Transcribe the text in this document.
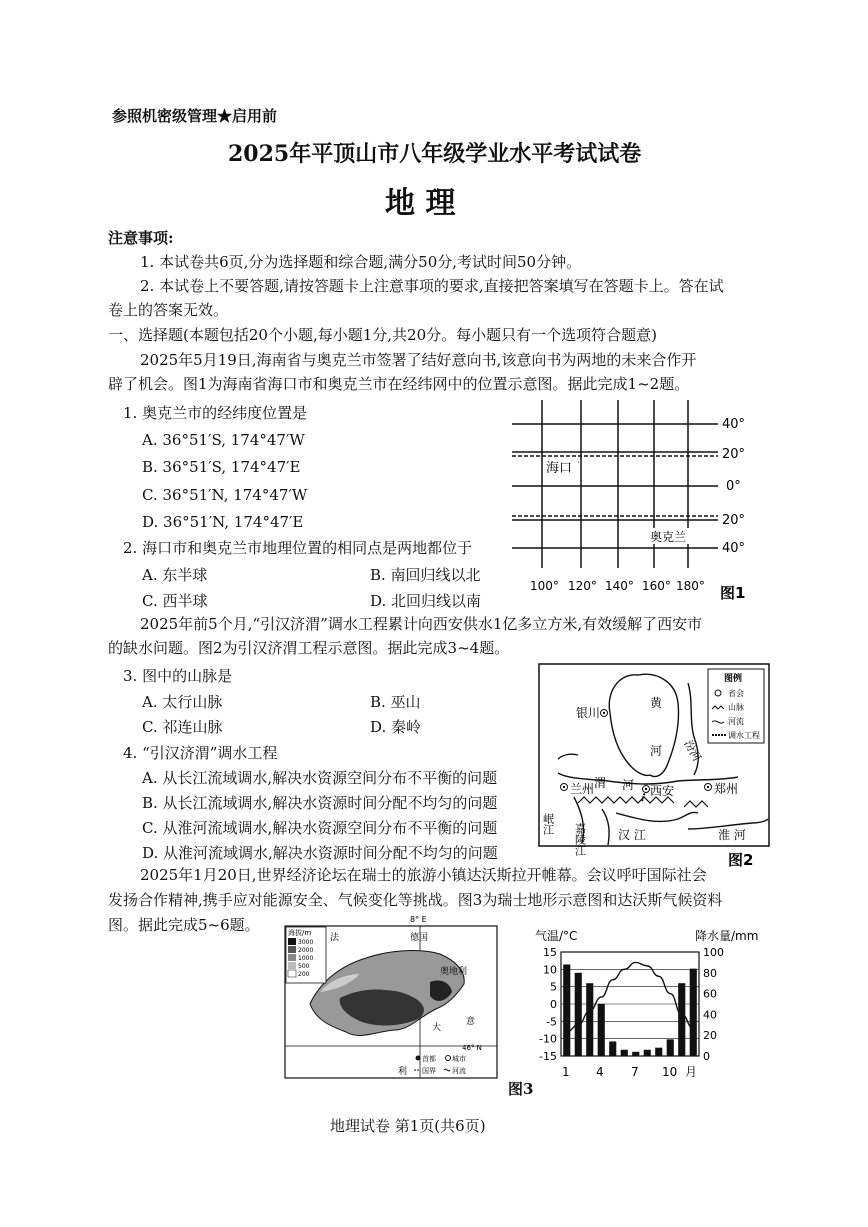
参照机密级管理★启用前
2025年平顶山市八年级学业水平考试试卷
地 理
注意事项:
1. 本试卷共6页,分为选择题和综合题,满分50分,考试时间50分钟。
2. 本试卷上不要答题,请按答题卡上注意事项的要求,直接把答案填写在答题卡上。答在试
卷上的答案无效。
一、选择题(本题包括20个小题,每小题1分,共20分。每小题只有一个选项符合题意)
2025年5月19日,海南省与奥克兰市签署了结好意向书,该意向书为两地的未来合作开
辟了机会。图1为海南省海口市和奥克兰市在经纬网中的位置示意图。据此完成1~2题。
1. 奥克兰市的经纬度位置是
A. 36°51′S, 174°47′W
B. 36°51′S, 174°47′E
C. 36°51′N, 174°47′W
D. 36°51′N, 174°47′E
2. 海口市和奥克兰市地理位置的相同点是两地都位于
A. 东半球	B. 南回归线以北
C. 西半球	D. 北回归线以南
海口
奥克兰
40°
20°
0°
20°
40°
100° 120° 140° 160° 180° 图1
2025年前5个月,“引汉济渭”调水工程累计向西安供水1亿多立方米,有效缓解了西安市
的缺水问题。图2为引汉济渭工程示意图。据此完成3~4题。
3. 图中的山脉是
A. 太行山脉	B. 巫山
C. 祁连山脉	D. 秦岭
4. “引汉济渭”调水工程
A. 从长江流域调水,解决水资源空间分布不平衡的问题
B. 从长江流域调水,解决水资源时间分配不均匀的问题
C. 从淮河流域调水,解决水资源空间分布不平衡的问题
D. 从淮河流域调水,解决水资源时间分配不均匀的问题
银川
兰州	西安	郑州
黄
河 汾河
渭 河
嘉陵江
岷江	汉 江	淮 河
图例
省会
山脉
河流
调水工程
图2
2025年1月20日,世界经济论坛在瑞士的旅游小镇达沃斯拉开帷幕。会议呼吁国际社会
发扬合作精神,携手应对能源安全、气候变化等挑战。图3为瑞士地形示意图和达沃斯气候资料
图。据此完成5~6题。	8° E
海拔/m
3000
2000
1000
500
200
德国
奥地利
法
意
大
利
46° N
首都 城市
国界 河流
气温/°C	降水量/mm
15
10
5
0
-5
-10
-15
100
80
60
40
20
0
1 4 7 10 月
图3
地理试卷 第1页(共6页)
